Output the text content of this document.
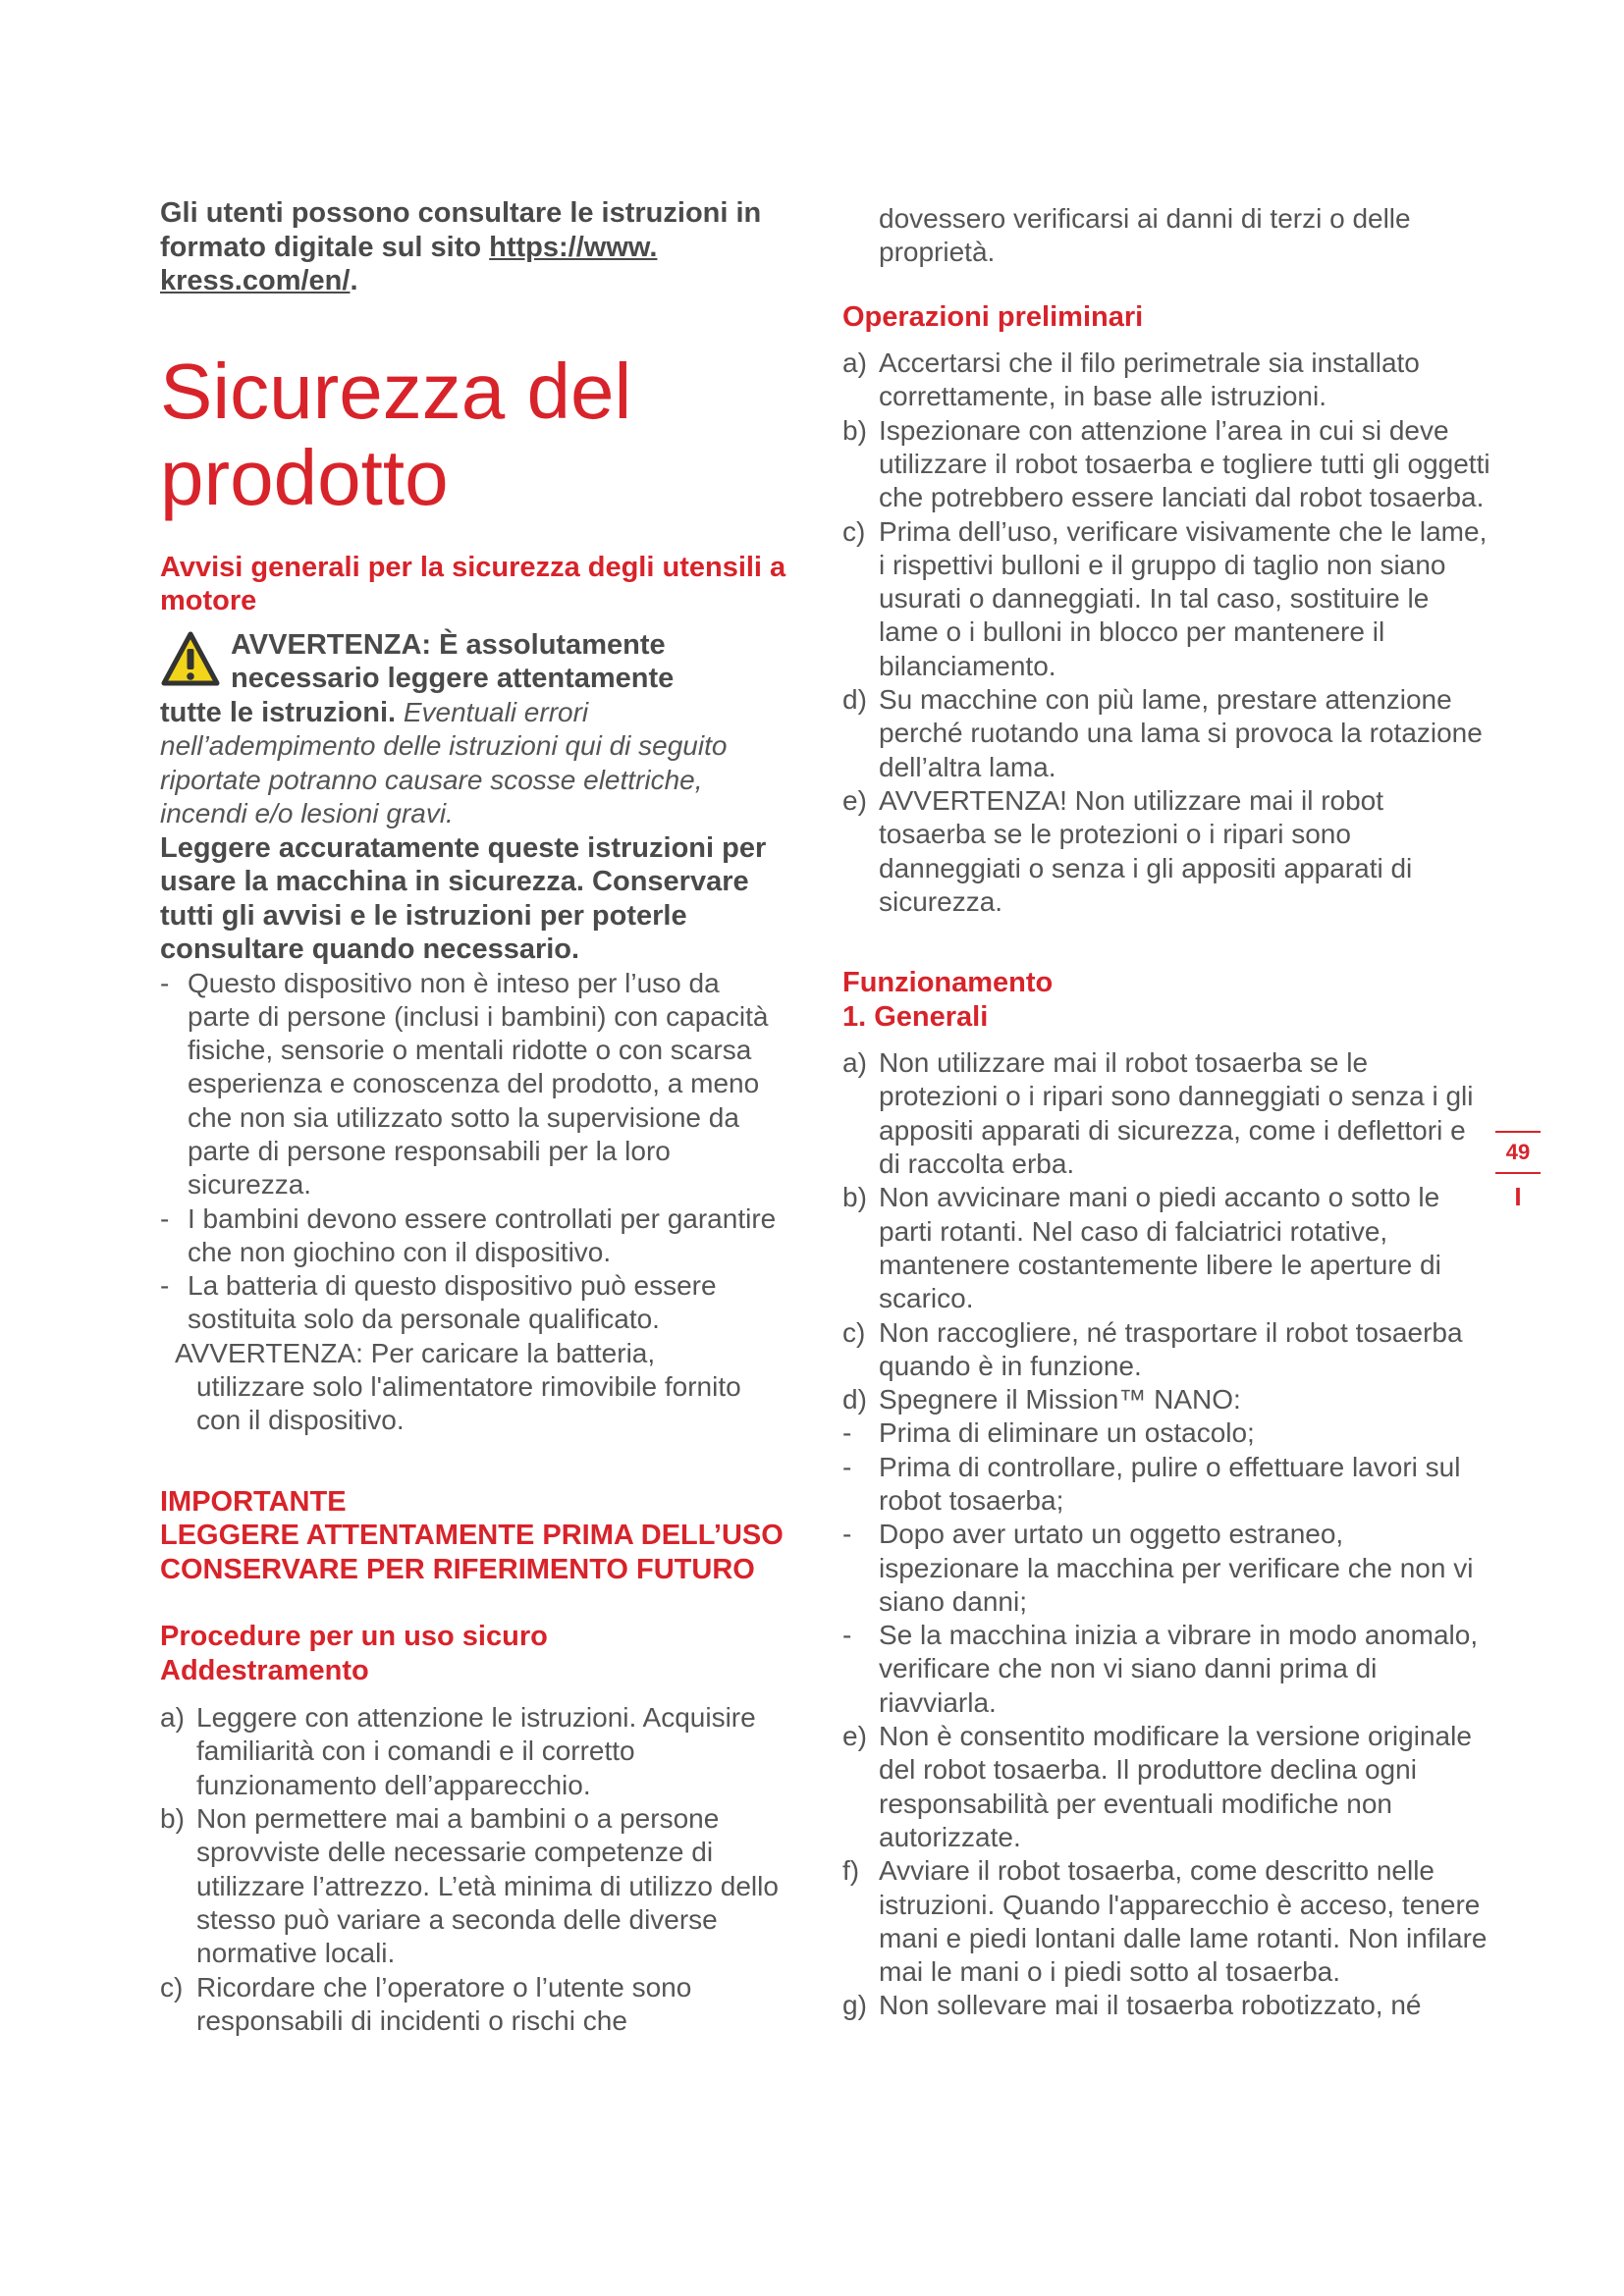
Gli utenti possono consultare le istruzioni in formato digitale sul sito https://www. kress.com/en/.

Sicurezza del
prodotto

Avvisi generali per la sicurezza degli utensili a motore

AVVERTENZA: È assolutamente

necessario leggere attentamente

tutte le istruzioni. Eventuali errori nell’adempimento delle istruzioni qui di seguito riportate potranno causare scosse elettriche, incendi e/o lesioni gravi.

Leggere accuratamente queste istruzioni per usare la macchina in sicurezza. Conservare tutti gli avvisi e le istruzioni per poterle consultare quando necessario.

- Questo dispositivo non è inteso per l’uso da parte di persone (inclusi i bambini) con capacità fisiche, sensorie o mentali ridotte o con scarsa esperienza e conoscenza del prodotto, a meno che non sia utilizzato sotto la supervisione da parte di persone responsabili per la loro sicurezza.
- I bambini devono essere controllati per garantire che non giochino con il dispositivo.
- La batteria di questo dispositivo può essere sostituita solo da personale qualificato.
AVVERTENZA: Per caricare la batteria,
utilizzare solo l'alimentatore rimovibile fornito con il dispositivo.

IMPORTANTE

LEGGERE ATTENTAMENTE PRIMA DELL’USO

CONSERVARE PER RIFERIMENTO FUTURO

Procedure per un uso sicuro

Addestramento

a) Leggere con attenzione le istruzioni. Acquisire familiarità con i comandi e il corretto funzionamento dell’apparecchio.
b) Non permettere mai a bambini o a persone sprovviste delle necessarie competenze di utilizzare l’attrezzo. L’età minima di utilizzo dello stesso può variare a seconda delle diverse normative locali.
c) Ricordare che l’operatore o l’utente sono responsabili di incidenti o rischi che

dovessero verificarsi ai danni di terzi o delle proprietà.

Operazioni preliminari

a) Accertarsi che il filo perimetrale sia installato correttamente, in base alle istruzioni.
b) Ispezionare con attenzione l’area in cui si deve utilizzare il robot tosaerba e togliere tutti gli oggetti che potrebbero essere lanciati dal robot tosaerba.
c) Prima dell’uso, verificare visivamente che le lame, i rispettivi bulloni e il gruppo di taglio non siano usurati o danneggiati. In tal caso, sostituire le lame o i bulloni in blocco per mantenere il bilanciamento.
d) Su macchine con più lame, prestare attenzione perché ruotando una lama si provoca la rotazione dell’altra lama.
e) AVVERTENZA! Non utilizzare mai il robot tosaerba se le protezioni o i ripari sono danneggiati o senza i gli appositi apparati di sicurezza.

Funzionamento

1. Generali

a) Non utilizzare mai il robot tosaerba se le protezioni o i ripari sono danneggiati o senza i gli appositi apparati di sicurezza, come i deflettori e di raccolta erba.
b) Non avvicinare mani o piedi accanto o sotto le parti rotanti. Nel caso di falciatrici rotative, mantenere costantemente libere le aperture di scarico.
c) Non raccogliere, né trasportare il robot tosaerba quando è in funzione.
d) Spegnere il Mission™ NANO:
- Prima di eliminare un ostacolo;
- Prima di controllare, pulire o effettuare lavori sul robot tosaerba;
- Dopo aver urtato un oggetto estraneo, ispezionare la macchina per verificare che non vi siano danni;
- Se la macchina inizia a vibrare in modo anomalo, verificare che non vi siano danni prima di riavviarla.
e) Non è consentito modificare la versione originale del robot tosaerba. Il produttore declina ogni responsabilità per eventuali modifiche non autorizzate.
f) Avviare il robot tosaerba, come descritto nelle istruzioni. Quando l'apparecchio è acceso, tenere mani e piedi lontani dalle lame rotanti. Non infilare mai le mani o i piedi sotto al tosaerba.
g) Non sollevare mai il tosaerba robotizzato, né
49
I
